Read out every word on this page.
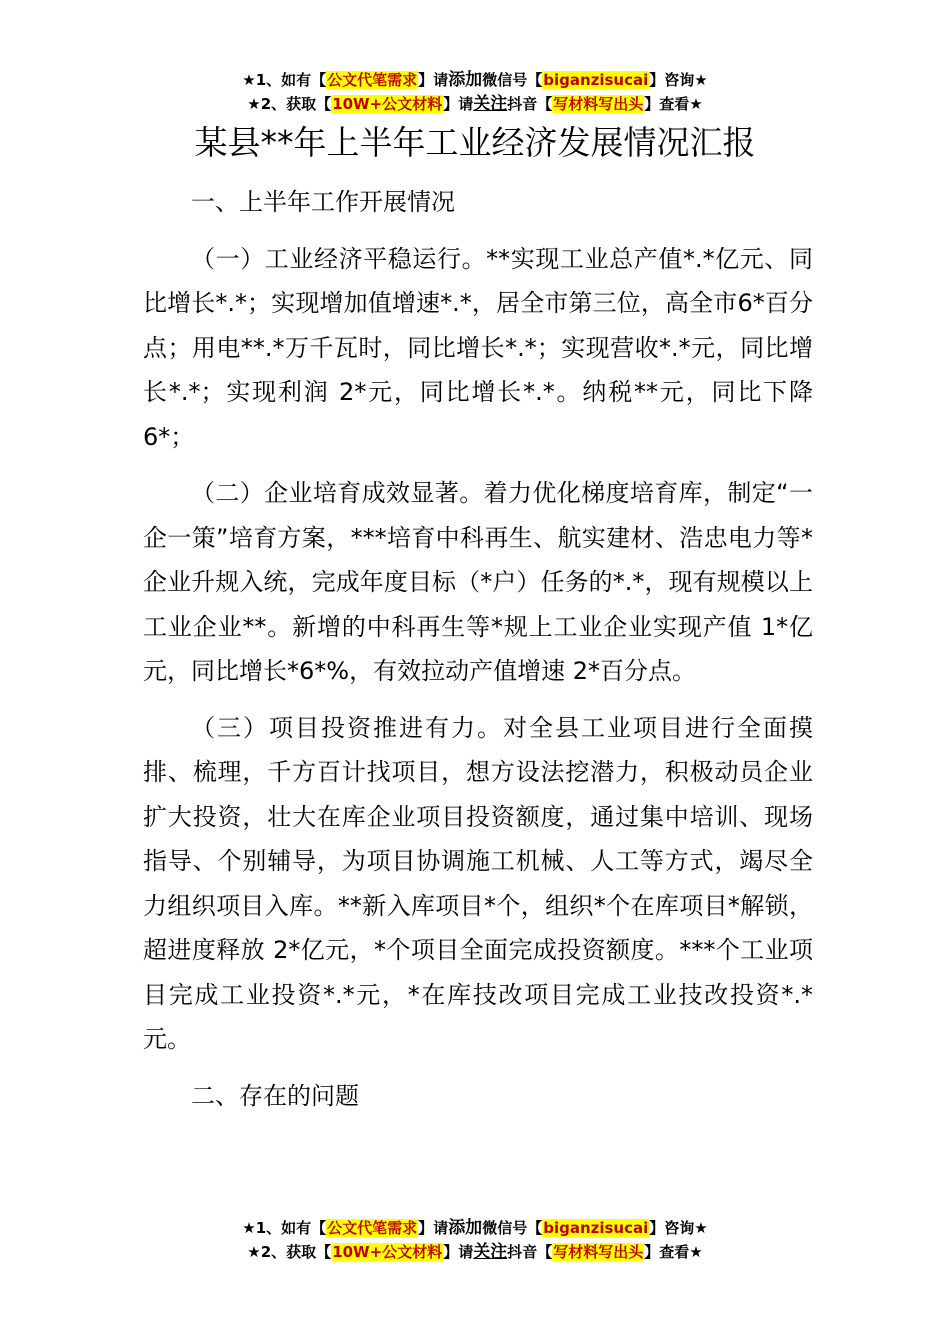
★1、如有【公文代笔需求】请添加微信号【biganzisucai】咨询★
★2、获取【10W+公文材料】请关注抖音【写材料写出头】查看★
某县**年上半年工业经济发展情况汇报

一、上半年工作开展情况

（一）工业经济平稳运行。**实现工业总产值*.*亿元、同比增长*.*；实现增加值增速*.*，居全市第三位，高全市6*百分点；用电**.*万千瓦时，同比增长*.*；实现营收*.*元，同比增长*.*；实现利润 2*元，同比增长*.*。纳税**元，同比下降 6*；

（二）企业培育成效显著。着力优化梯度培育库，制定“一企一策”培育方案，***培育中科再生、航实建材、浩忠电力等*企业升规入统，完成年度目标（*户）任务的*.*，现有规模以上工业企业**。新增的中科再生等*规上工业企业实现产值 1*亿元，同比增长*6*%，有效拉动产值增速 2*百分点。

（三）项目投资推进有力。对全县工业项目进行全面摸排、梳理，千方百计找项目，想方设法挖潜力，积极动员企业扩大投资，壮大在库企业项目投资额度，通过集中培训、现场指导、个别辅导，为项目协调施工机械、人工等方式，竭尽全力组织项目入库。**新入库项目*个，组织*个在库项目*解锁，超进度释放 2*亿元，*个项目全面完成投资额度。***个工业项目完成工业投资*.*元，*在库技改项目完成工业技改投资*.*元。

二、存在的问题

★1、如有【公文代笔需求】请添加微信号【biganzisucai】咨询★
★2、获取【10W+公文材料】请关注抖音【写材料写出头】查看★
